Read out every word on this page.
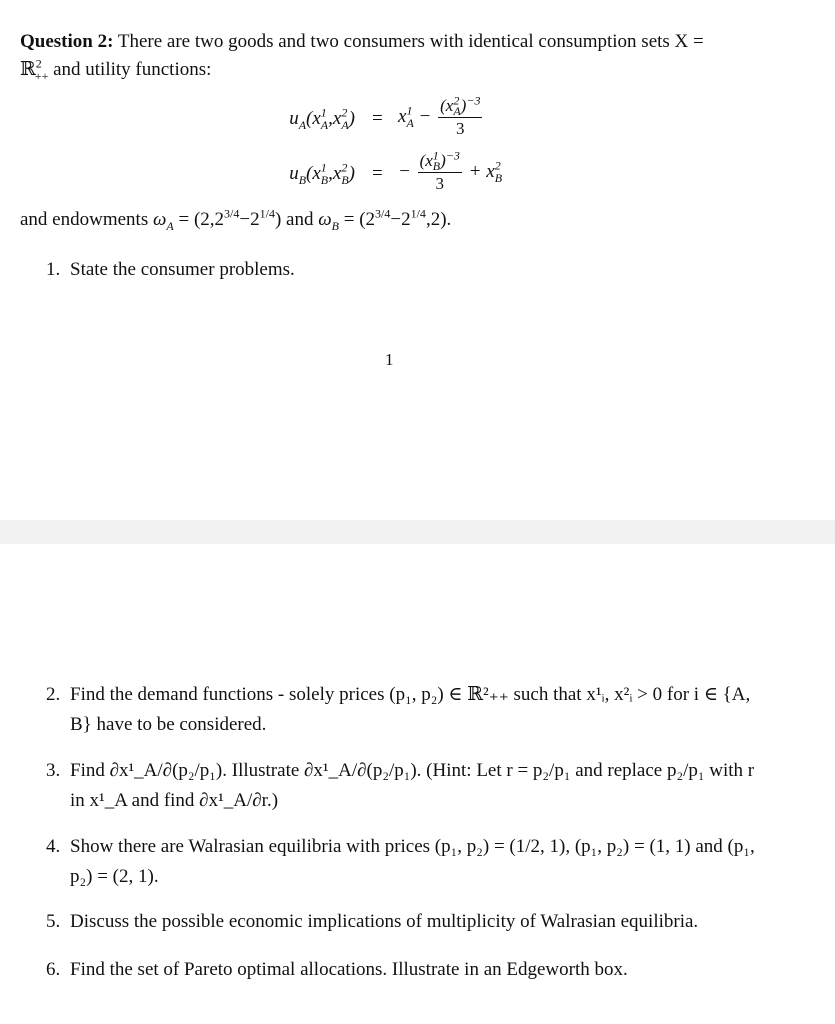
Question 2: There are two goods and two consumers with identical consumption sets X =
ℝ$^2_{++}$ and utility functions:
$u_A(x^1_A,x^2_A) = x^1_A - \frac{(x^2_A)^{-3}}{3}$
$u_B(x^1_B,x^2_B)$ = − $\frac{(x^1_B)^{-3}}{3} + x^2_B$
and endowments $\omega_A = (2,2^{3/4}-2^{1/4})$ and $\omega_B = (2^{3/4}-2^{1/4},2)$.
1. State the consumer problems.
1
2. Find the demand functions - solely prices (p₁, p₂) ∈ ℝ²₊₊ such that x¹ᵢ, x²ᵢ > 0 for i ∈ {A, B} have to be considered.
3. Find ∂x¹_A/∂(p₂/p₁). Illustrate ∂x¹_A/∂(p₂/p₁). (Hint: Let r = p₂/p₁ and replace p₂/p₁ with r in x¹_A and find ∂x¹_A/∂r.)
4. Show there are Walrasian equilibria with prices (p₁, p₂) = (1/2, 1), (p₁, p₂) = (1, 1) and (p₁, p₂) = (2, 1).
5. Discuss the possible economic implications of multiplicity of Walrasian equilibria.
6. Find the set of Pareto optimal allocations. Illustrate in an Edgeworth box.
